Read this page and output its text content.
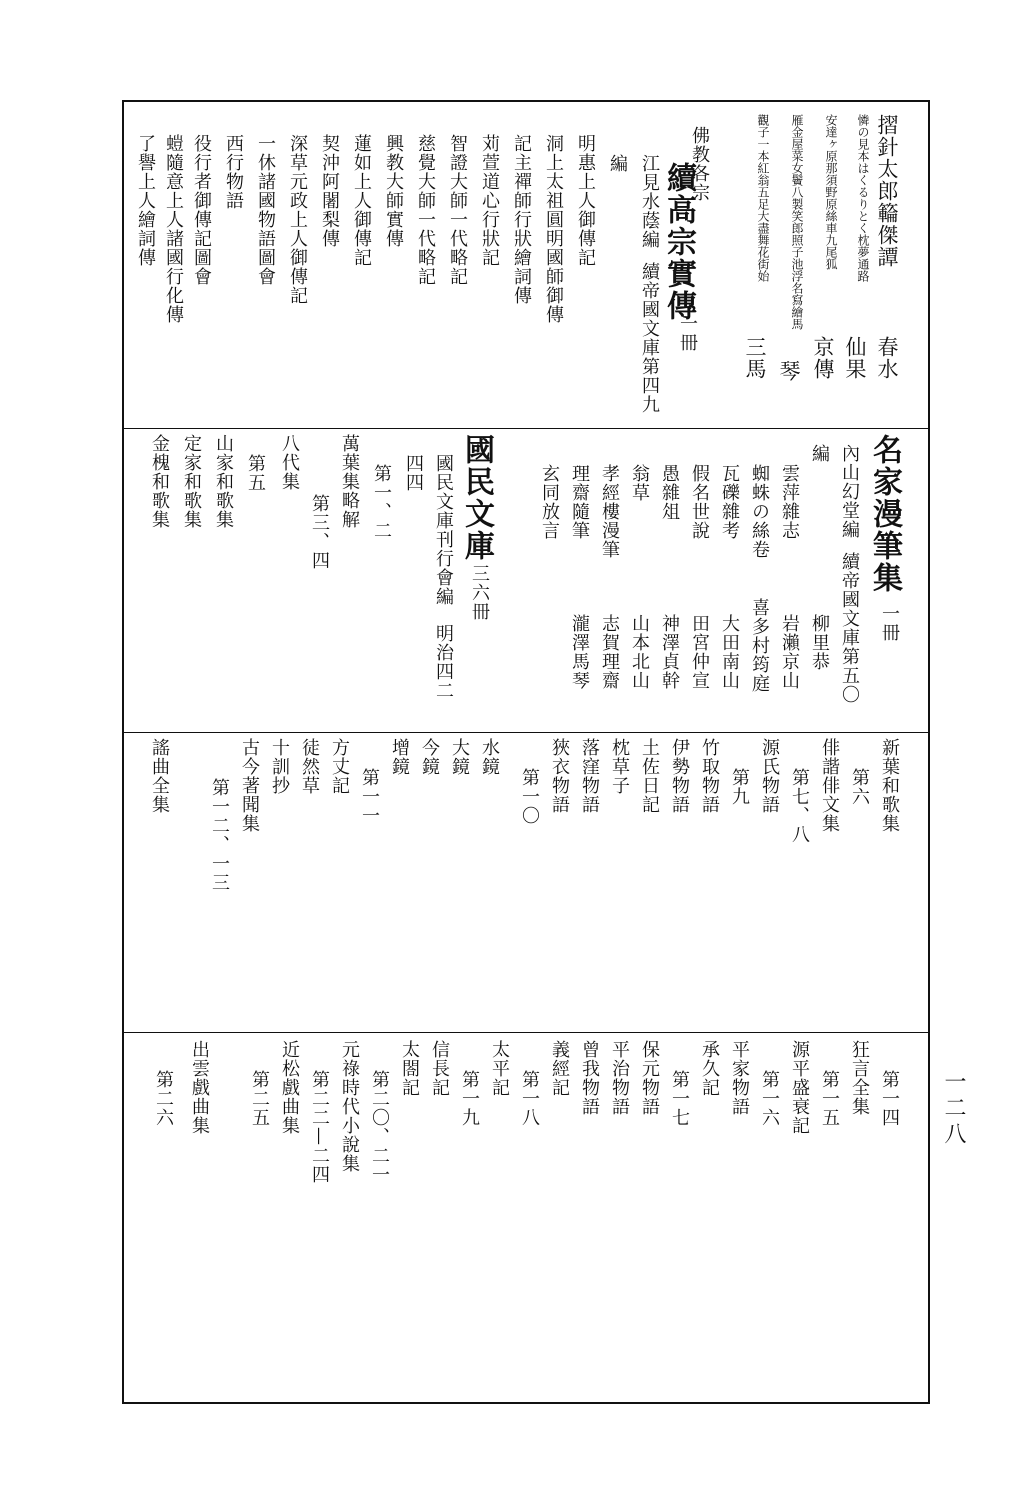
一二八
摺針太郎𥶡傑譚
春水
憐の見本はくるりとく枕夢通路
仙果
安達ヶ原那須野原絲車九尾狐
京傳
雁金屋菜女鬢八製笑郎照子池浮名寫繪馬
琴
觀子一本紅翁五足大盡舞花街始
三馬
佛教各宗
續高宗實傳
一冊
江見水蔭編
續帝國文庫第四九
編
明惠上人御傳記
洞上太祖圓明國師御傳
記主禪師行狀繪詞傳
苅萱道心行狀記
智證大師一代略記
慈覺大師一代略記
興教大師實傳
蓮如上人御傳記
契沖阿闍梨傳
深草元政上人御傳記
一休諸國物語圖會
西行物語
役行者御傳記圖會
螘隨意上人諸國行化傳
了譽上人繪詞傳
名家漫筆集
一冊
內山幻堂編
續帝國文庫第五〇
編
柳里恭
雲萍雜志
岩瀨京山
蜘蛛の絲卷
喜多村筠庭
瓦礫雜考
大田南山
假名世說
田宮仲宣
愚雜俎
神澤貞幹
翁草
山本北山
孝經樓漫筆
志賀理齋
理齋隨筆
瀧澤馬琴
玄同放言
國民文庫
三六冊
國民文庫刊行會編
明治四二
四四
萬葉集略解 第一、二
第三、四
八代集
第五
山家和歌集
定家和歌集
金槐和歌集
新葉和歌集
第六
俳諧俳文集
第七、八
源氏物語
第九
竹取物語
伊勢物語
土佐日記
枕草子
落窪物語
狹衣物語
第一〇
水鏡
大鏡
今鏡
增鏡
第一一
方丈記
徒然草
十訓抄
古今著聞集
第一二、一三
謠曲全集
第一四
狂言全集
第一五
源平盛衰記
第一六
平家物語
承久記
第一七
保元物語
平治物語
曾我物語
義經記
第一八
太平記
第一九
信長記
太閤記
第二〇、二一
元祿時代小說集
第二二—二四
近松戲曲集
第二五
出雲戲曲集
第二六
